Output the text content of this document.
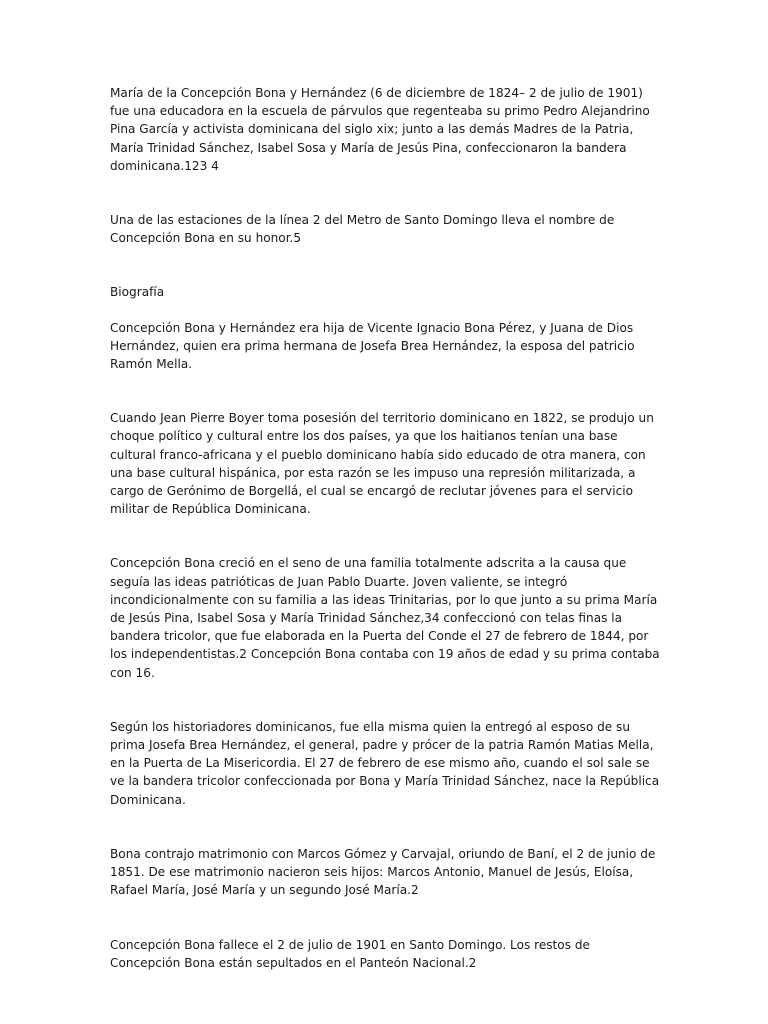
María de la Concepción Bona y Hernández (6 de diciembre de 1824– 2 de julio de 1901) fue una educadora en la escuela de párvulos que regenteaba su primo Pedro Alejandrino Pina García y activista dominicana del siglo xix; junto a las demás Madres de la Patria, María Trinidad Sánchez, Isabel Sosa y María de Jesús Pina, confeccionaron la bandera dominicana.123 4

Una de las estaciones de la línea 2 del Metro de Santo Domingo lleva el nombre de Concepción Bona en su honor.5

Biografía

Concepción Bona y Hernández era hija de Vicente Ignacio Bona Pérez, y Juana de Dios Hernández, quien era prima hermana de Josefa Brea Hernández, la esposa del patricio Ramón Mella.

Cuando Jean Pierre Boyer toma posesión del territorio dominicano en 1822, se produjo un choque político y cultural entre los dos países, ya que los haitianos tenían una base cultural franco-africana y el pueblo dominicano había sido educado de otra manera, con una base cultural hispánica, por esta razón se les impuso una represión militarizada, a cargo de Gerónimo de Borgellá, el cual se encargó de reclutar jóvenes para el servicio militar de República Dominicana.

Concepción Bona creció en el seno de una familia totalmente adscrita a la causa que seguía las ideas patrióticas de Juan Pablo Duarte. Joven valiente, se integró incondicionalmente con su familia a las ideas Trinitarias, por lo que junto a su prima María de Jesús Pina, Isabel Sosa y María Trinidad Sánchez,34 confeccionó con telas finas la bandera tricolor, que fue elaborada en la Puerta del Conde el 27 de febrero de 1844, por los independentistas.2 Concepción Bona contaba con 19 años de edad y su prima contaba con 16.

Según los historiadores dominicanos, fue ella misma quien la entregó al esposo de su prima Josefa Brea Hernández, el general, padre y prócer de la patria Ramón Matias Mella, en la Puerta de La Misericordia. El 27 de febrero de ese mismo año, cuando el sol sale se ve la bandera tricolor confeccionada por Bona y María Trinidad Sánchez, nace la República Dominicana.

Bona contrajo matrimonio con Marcos Gómez y Carvajal, oriundo de Baní, el 2 de junio de 1851. De ese matrimonio nacieron seis hijos: Marcos Antonio, Manuel de Jesús, Eloísa, Rafael María, José María y un segundo José María.2

Concepción Bona fallece el 2 de julio de 1901 en Santo Domingo. Los restos de Concepción Bona están sepultados en el Panteón Nacional.2
